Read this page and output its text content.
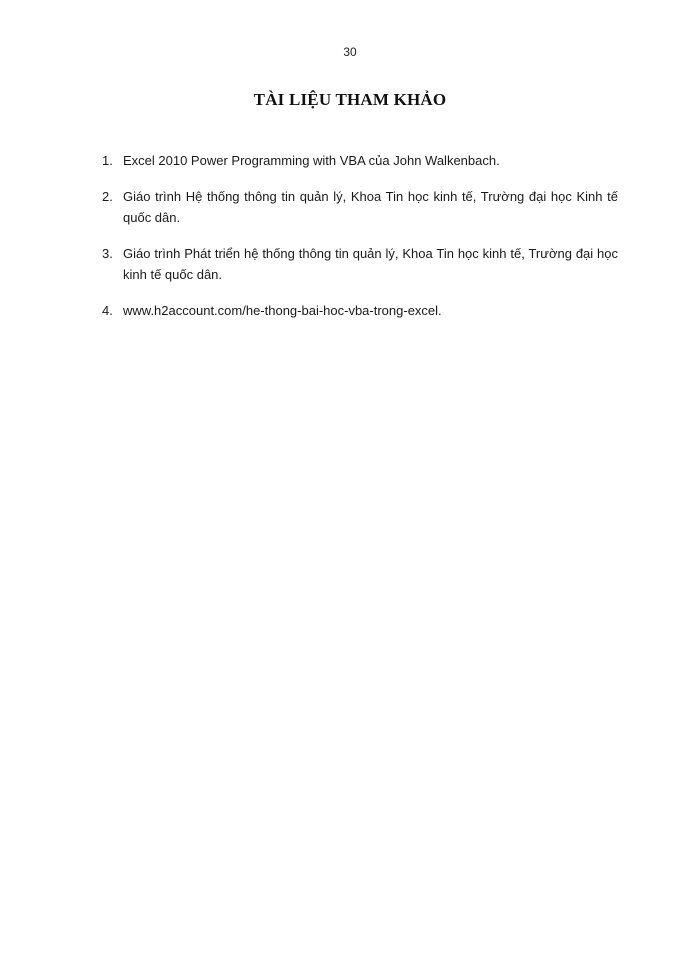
30
TÀI LIỆU THAM KHẢO
1. Excel 2010 Power Programming with VBA của John Walkenbach.
2. Giáo trình Hệ thống thông tin quản lý, Khoa Tin học kinh tế, Trường đại học Kinh tế quốc dân.
3. Giáo trình Phát triển hệ thống thông tin quản lý, Khoa Tin học kinh tế, Trường đại học kinh tế quốc dân.
4. www.h2account.com/he-thong-bai-hoc-vba-trong-excel.
